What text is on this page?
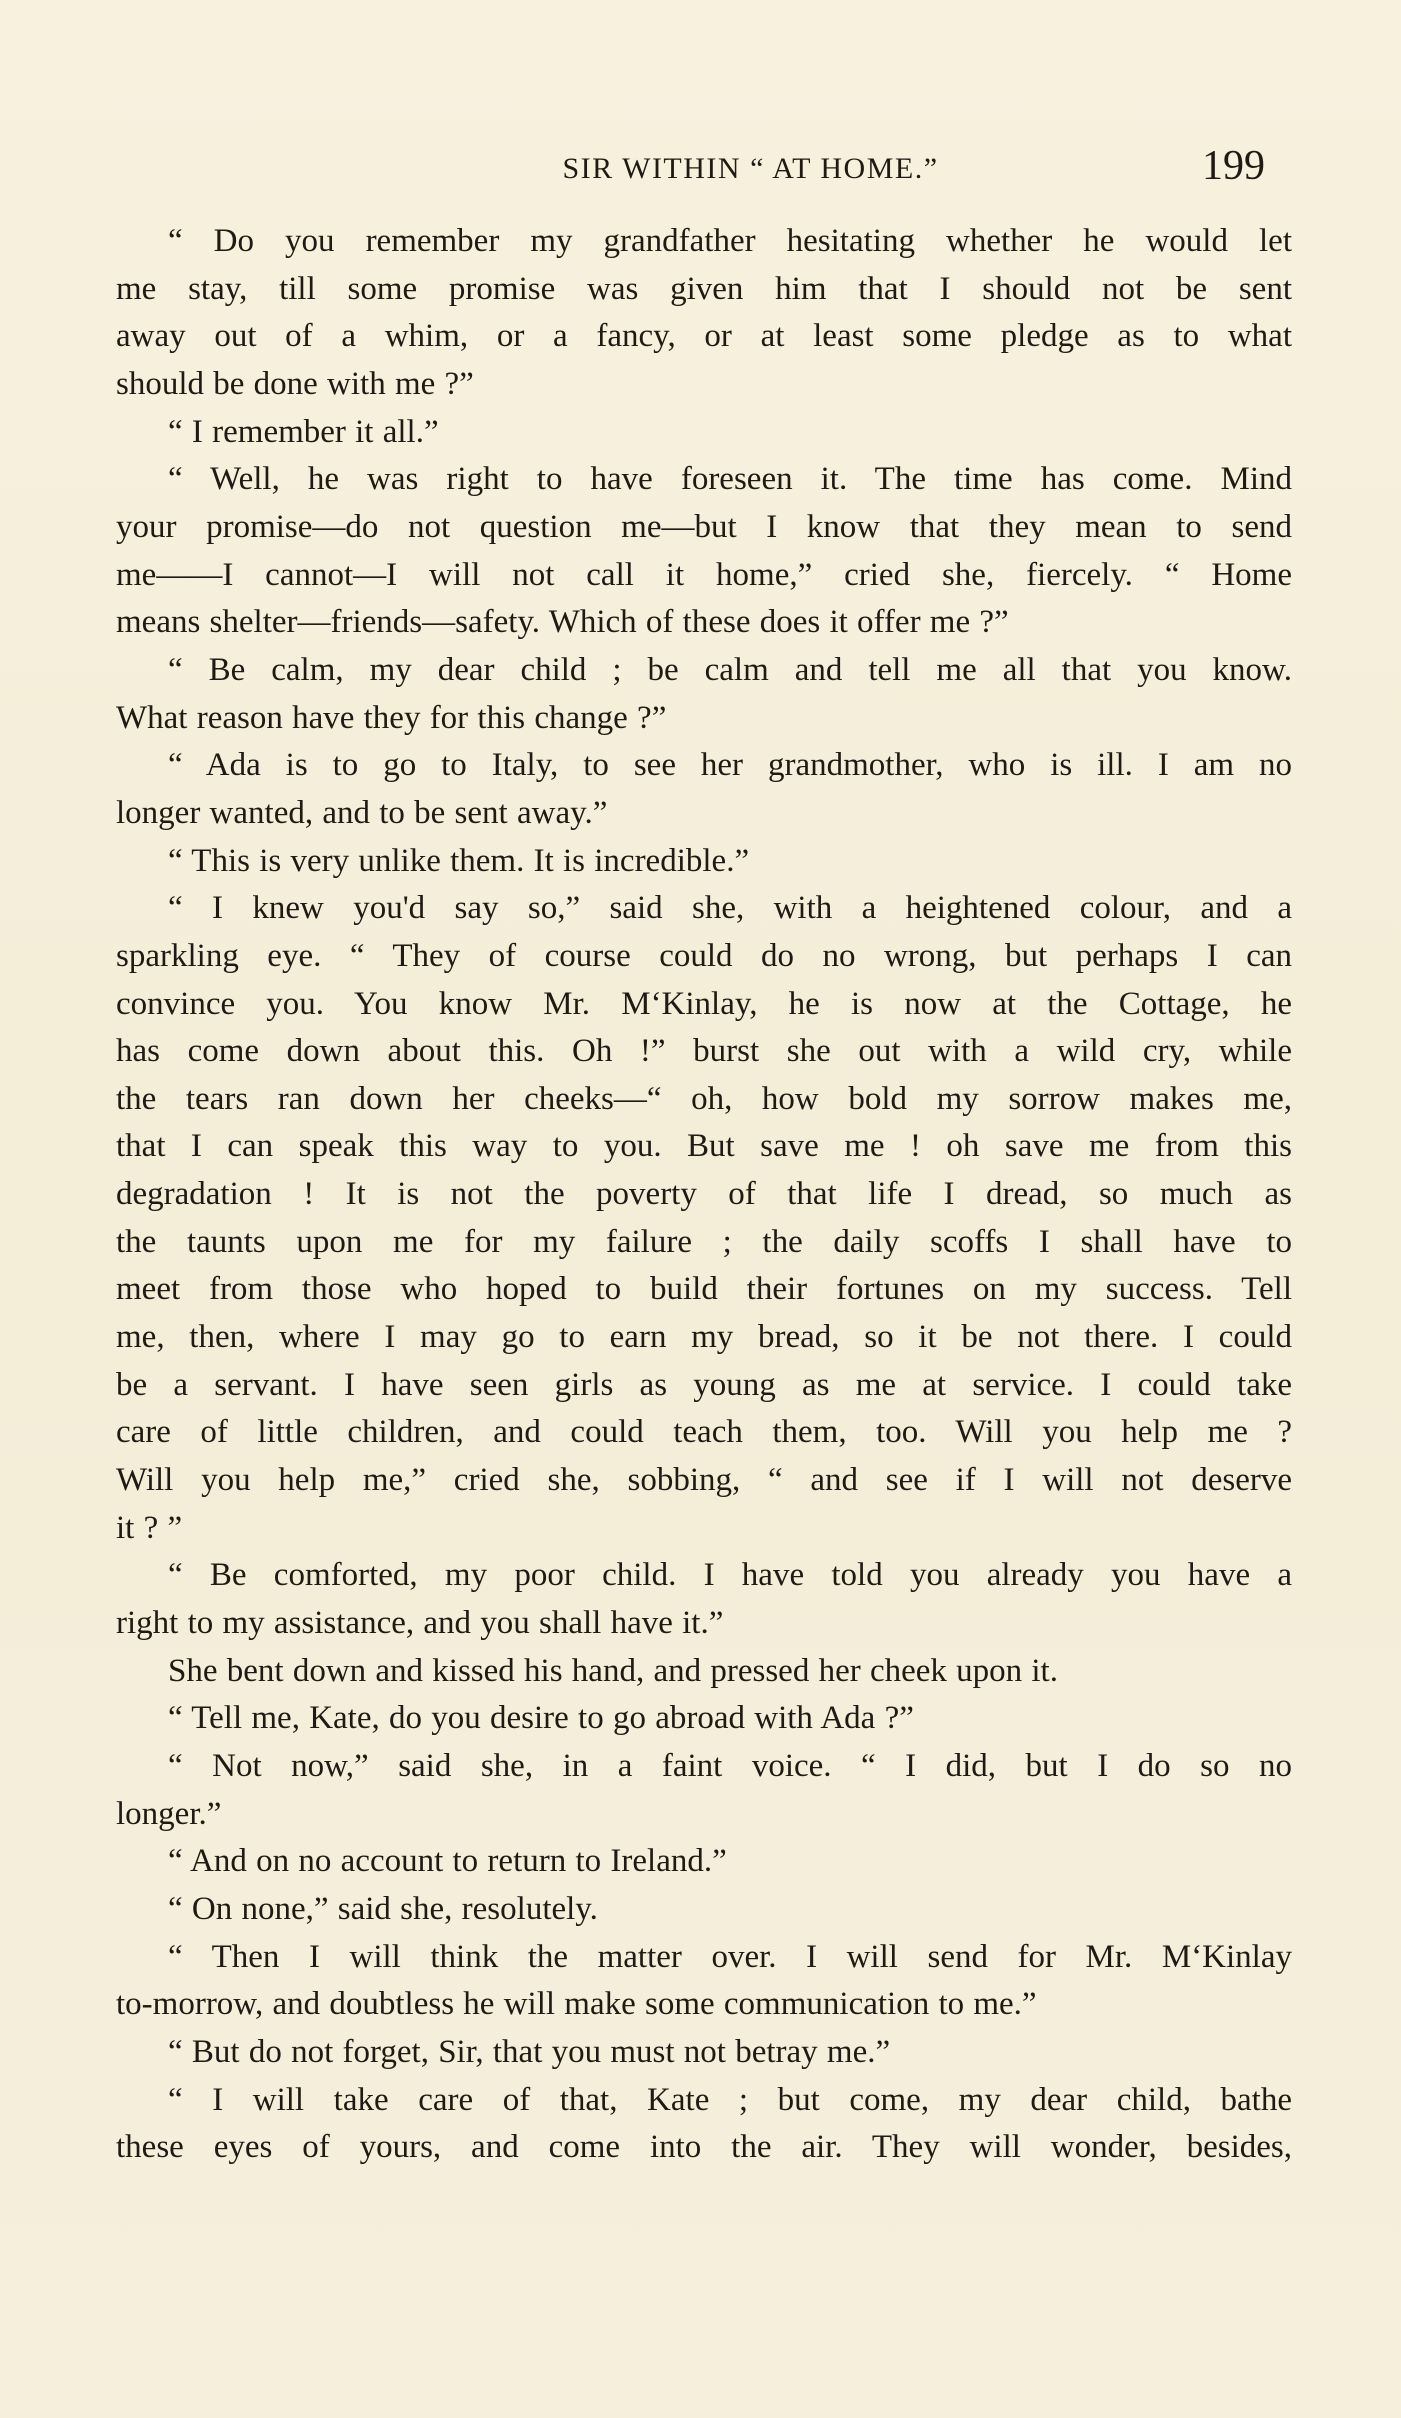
SIR WITHIN “ AT HOME.”	199
“ Do you remember my grandfather hesitating whether he would let
me stay, till some promise was given him that I should not be sent
away out of a whim, or a fancy, or at least some pledge as to what
should be done with me ?”
“ I remember it all.”
“ Well, he was right to have foreseen it. The time has come. Mind
your promise—do not question me—but I know that they mean to send
me——I cannot—I will not call it home,” cried she, fiercely. “ Home
means shelter—friends—safety. Which of these does it offer me ?”
“ Be calm, my dear child ; be calm and tell me all that you know.
What reason have they for this change ?”
“ Ada is to go to Italy, to see her grandmother, who is ill. I am no
longer wanted, and to be sent away.”
“ This is very unlike them. It is incredible.”
“ I knew you'd say so,” said she, with a heightened colour, and a
sparkling eye. “ They of course could do no wrong, but perhaps I can
convince you. You know Mr. M‘Kinlay, he is now at the Cottage, he
has come down about this. Oh !” burst she out with a wild cry, while
the tears ran down her cheeks—“ oh, how bold my sorrow makes me,
that I can speak this way to you. But save me ! oh save me from this
degradation ! It is not the poverty of that life I dread, so much as
the taunts upon me for my failure ; the daily scoffs I shall have to
meet from those who hoped to build their fortunes on my success. Tell
me, then, where I may go to earn my bread, so it be not there. I could
be a servant. I have seen girls as young as me at service. I could take
care of little children, and could teach them, too. Will you help me ?
Will you help me,” cried she, sobbing, “ and see if I will not deserve
it ? ”
“ Be comforted, my poor child. I have told you already you have a
right to my assistance, and you shall have it.”
She bent down and kissed his hand, and pressed her cheek upon it.
“ Tell me, Kate, do you desire to go abroad with Ada ?”
“ Not now,” said she, in a faint voice. “ I did, but I do so no
longer.”
“ And on no account to return to Ireland.”
“ On none,” said she, resolutely.
“ Then I will think the matter over. I will send for Mr. M‘Kinlay
to-morrow, and doubtless he will make some communication to me.”
“ But do not forget, Sir, that you must not betray me.”
“ I will take care of that, Kate ; but come, my dear child, bathe
these eyes of yours, and come into the air. They will wonder, besides,
